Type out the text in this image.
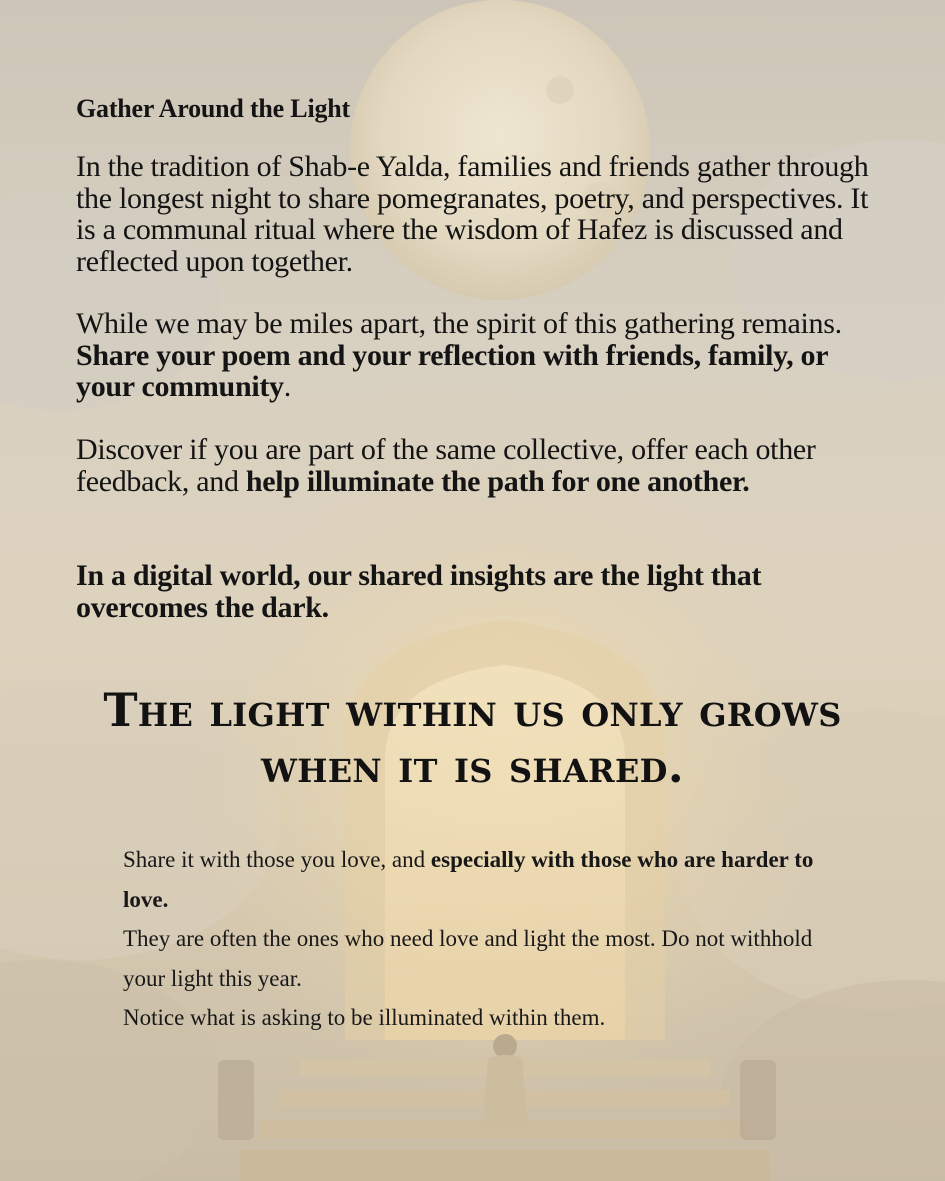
Gather Around the Light

In the tradition of Shab-e Yalda, families and friends gather through the longest night to share pomegranates, poetry, and perspectives. It is a communal ritual where the wisdom of Hafez is discussed and reflected upon together.

While we may be miles apart, the spirit of this gathering remains. Share your poem and your reflection with friends, family, or your community.

Discover if you are part of the same collective, offer each other feedback, and help illuminate the path for one another.

In a digital world, our shared insights are the light that overcomes the dark.

The light within us only grows
when it is shared.

Share it with those you love, and especially with those who are harder to love.
They are often the ones who need love and light the most. Do not withhold your light this year.
Notice what is asking to be illuminated within them.
